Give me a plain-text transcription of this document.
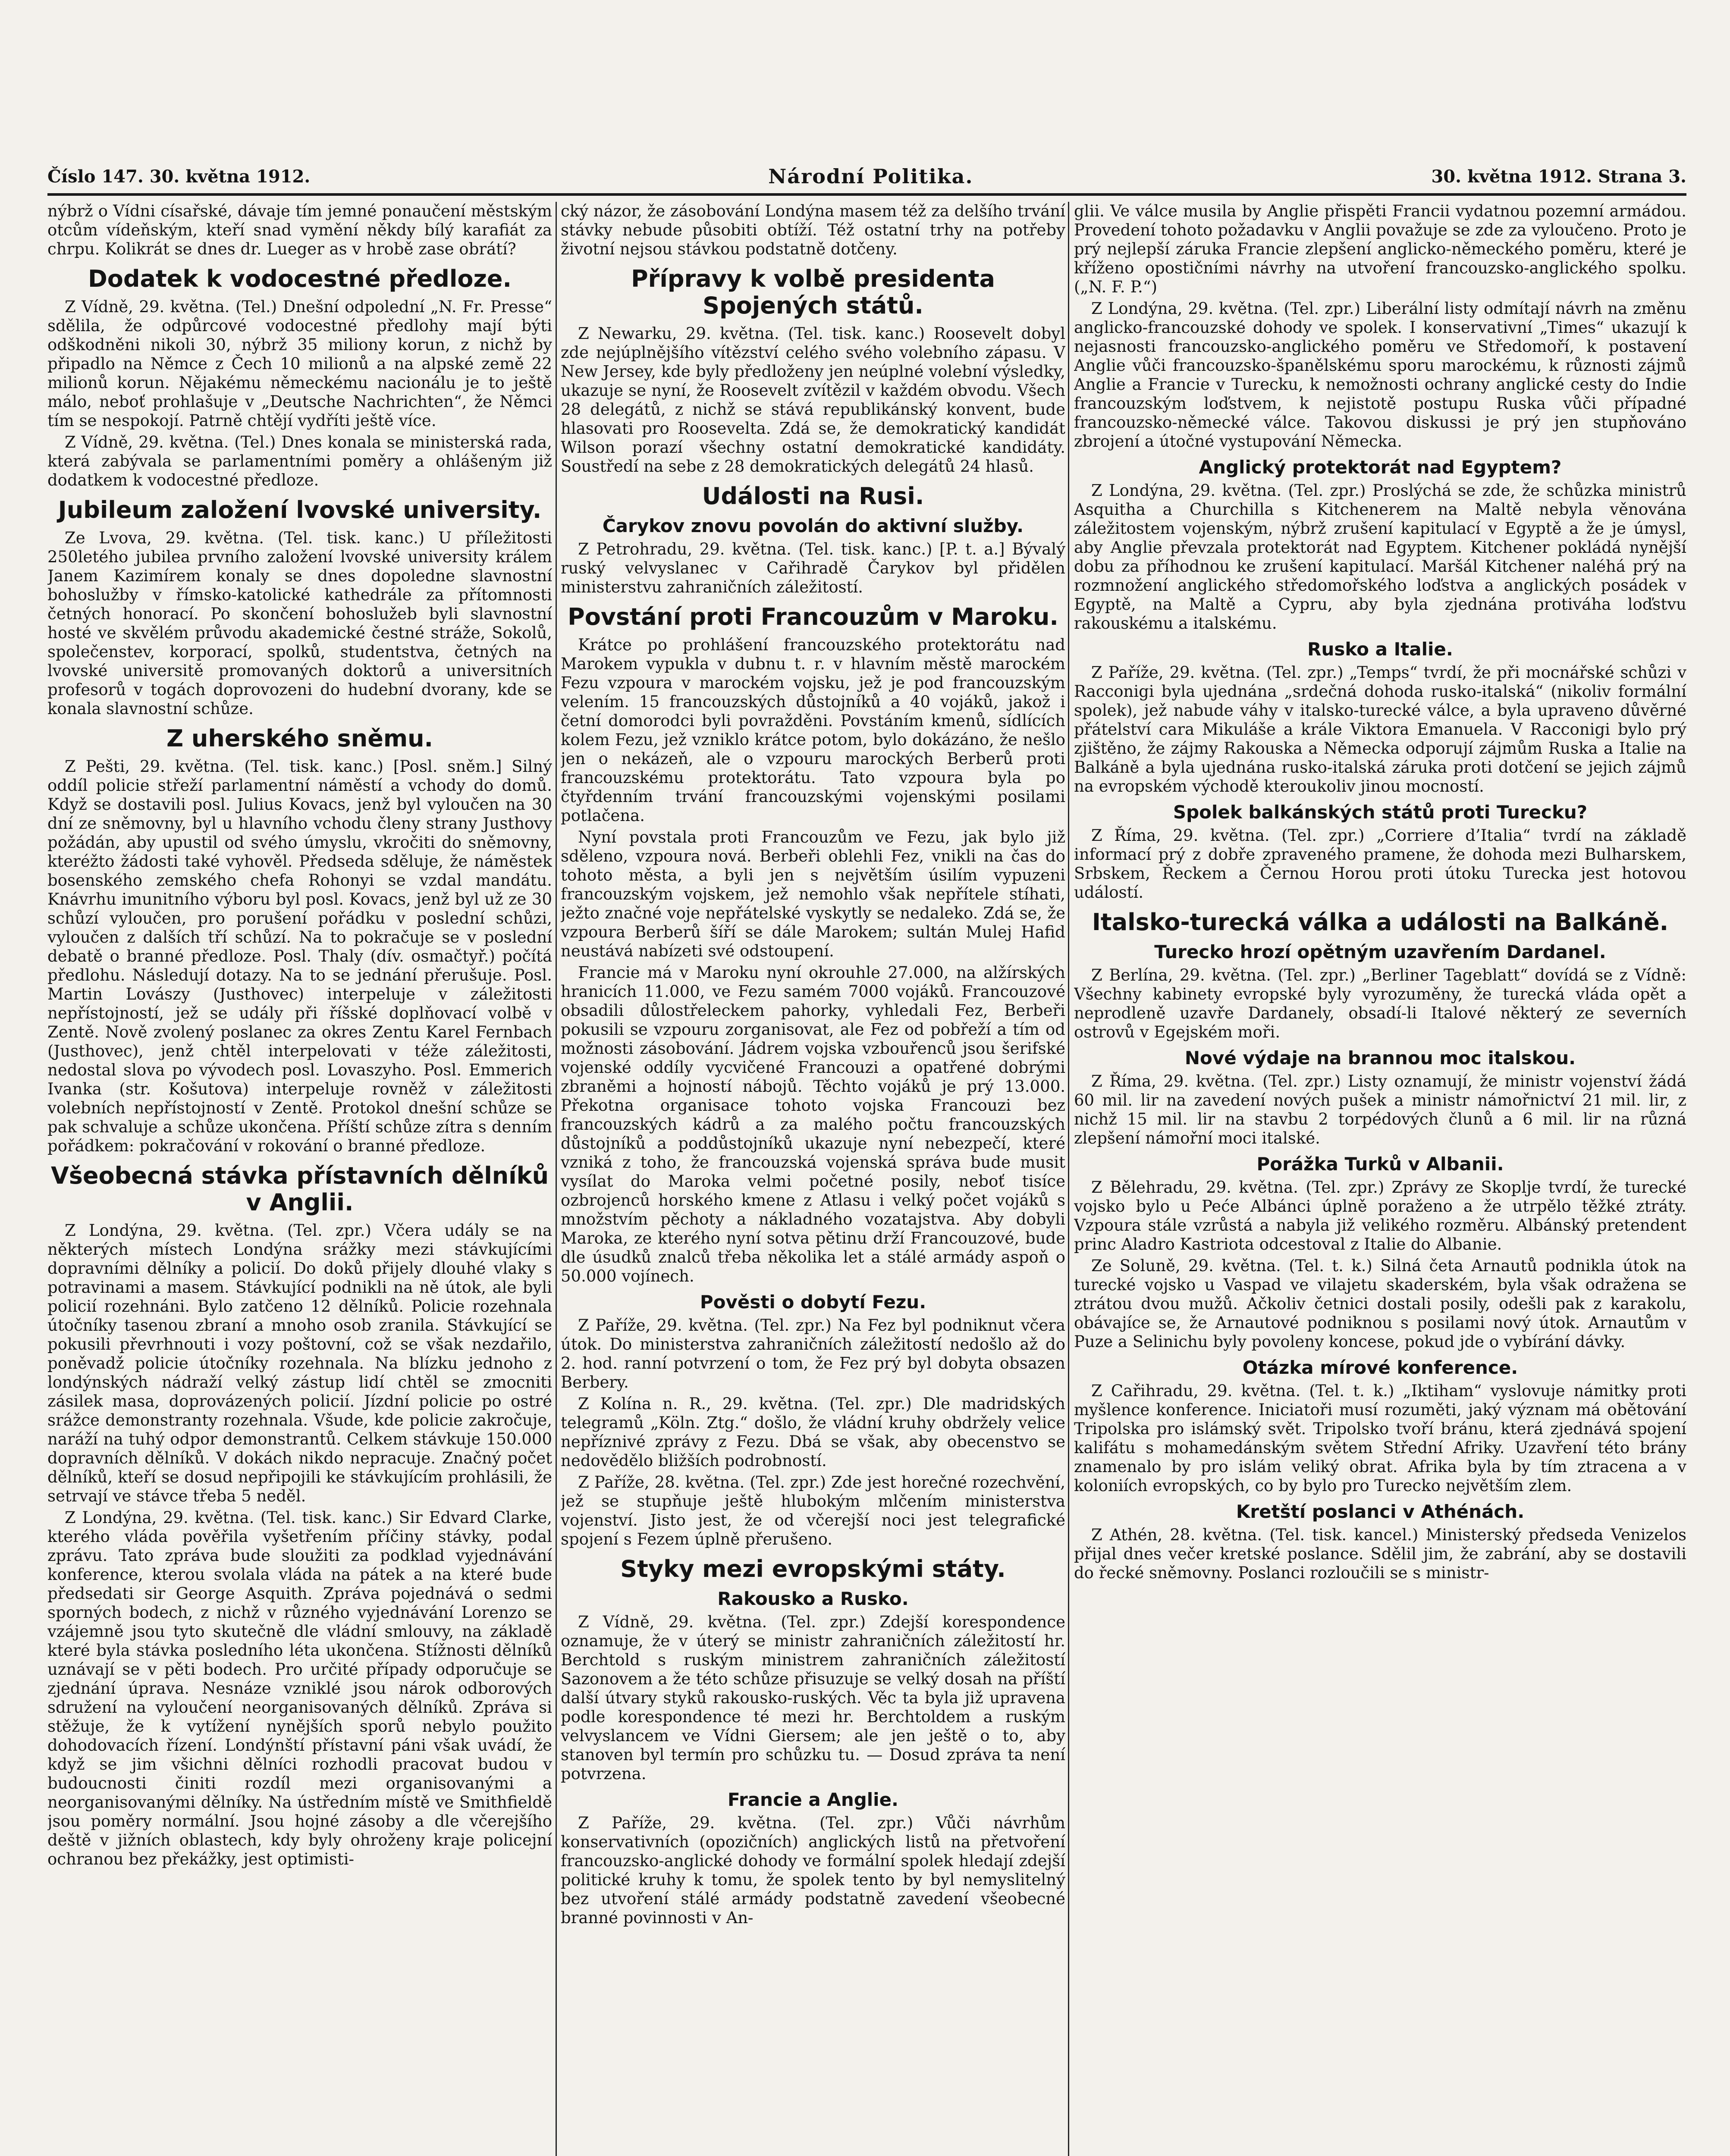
Číslo 147. 30. května 1912.	Národní Politika.	30. května 1912. Strana 3.

nýbrž o Vídni císařské, dávaje tím jemné ponaučení městským otcům vídeňským, kteří snad vymění někdy bílý karafiát za chrpu. Kolikrát se dnes dr. Lueger as v hrobě zase obrátí?

Dodatek k vodocestné předloze.

Z Vídně, 29. května. (Tel.) Dnešní odpolední „N. Fr. Presse“ sdělila, že odpůrcové vodocestné předlohy mají býti odškodněni nikoli 30, nýbrž 35 miliony korun, z nichž by připadlo na Němce z Čech 10 milionů a na alpské země 22 milionů korun. Nějakému německému nacionálu je to ještě málo, neboť prohlašuje v „Deutsche Nachrichten“, že Němci tím se nespokojí. Patrně chtějí vydříti ještě více.

Z Vídně, 29. května. (Tel.) Dnes konala se ministerská rada, která zabývala se parlamentními poměry a ohlášeným již dodatkem k vodocestné předloze.

Jubileum založení lvovské university.

Ze Lvova, 29. května. (Tel. tisk. kanc.) U příležitosti 250letého jubilea prvního založení lvovské university králem Janem Kazimírem konaly se dnes dopoledne slavnostní bohoslužby v římsko-katolické kathedrále za přítomnosti četných honorací. Po skončení bohoslužeb byli slavnostní hosté ve skvělém průvodu akademické čestné stráže, Sokolů, společenstev, korporací, spolků, studentstva, četných na lvovské universitě promovaných doktorů a universitních profesorů v togách doprovozeni do hudební dvorany, kde se konala slavnostní schůze.

Z uherského sněmu.

Z Pešti, 29. května. (Tel. tisk. kanc.) [Posl. sněm.] Silný oddíl policie střeží parlamentní náměstí a vchody do domů. Když se dostavili posl. Julius Kovacs, jenž byl vyloučen na 30 dní ze sněmovny, byl u hlavního vchodu členy strany Justhovy požádán, aby upustil od svého úmyslu, vkročiti do sněmovny, kteréžto žádosti také vyhověl. Předseda sděluje, že náměstek bosenského zemského chefa Rohonyi se vzdal mandátu. Knávrhu imunitního výboru byl posl. Kovacs, jenž byl už ze 30 schůzí vyloučen, pro porušení pořádku v poslední schůzi, vyloučen z dalších tří schůzí. Na to pokračuje se v poslední debatě o branné předloze. Posl. Thaly (dív. osmačtyř.) počítá předlohu. Následují dotazy. Na to se jednání přerušuje. Posl. Martin Lovászy (Justhovec) interpeluje v záležitosti nepřístojností, jež se udály při říšské doplňovací volbě v Zentě. Nově zvolený poslanec za okres Zentu Karel Fernbach (Justhovec), jenž chtěl interpelovati v téže záležitosti, nedostal slova po vývodech posl. Lovaszyho. Posl. Emmerich Ivanka (str. Košutova) interpeluje rovněž v záležitosti volebních nepřístojností v Zentě. Protokol dnešní schůze se pak schvaluje a schůze ukončena. Příští schůze zítra s denním pořádkem: pokračování v rokování o branné předloze.

Všeobecná stávka přístavních dělníků v Anglii.

Z Londýna, 29. května. (Tel. zpr.) Včera udály se na některých místech Londýna srážky mezi stávkujícími dopravními dělníky a policií. Do doků přijely dlouhé vlaky s potravinami a masem. Stávkující podnikli na ně útok, ale byli policií rozehnáni. Bylo zatčeno 12 dělníků. Policie rozehnala útočníky tasenou zbraní a mnoho osob zranila. Stávkující se pokusili převrhnouti i vozy poštovní, což se však nezdařilo, poněvadž policie útočníky rozehnala. Na blízku jednoho z londýnských nádraží velký zástup lidí chtěl se zmocniti zásilek masa, doprovázených policií. Jízdní policie po ostré srážce demonstranty rozehnala. Všude, kde policie zakročuje, naráží na tuhý odpor demonstrantů. Celkem stávkuje 150.000 dopravních dělníků. V dokách nikdo nepracuje. Značný počet dělníků, kteří se dosud nepřipojili ke stávkujícím prohlásili, že setrvají ve stávce třeba 5 neděl.

Z Londýna, 29. května. (Tel. tisk. kanc.) Sir Edvard Clarke, kterého vláda pověřila vyšetřením příčiny stávky, podal zprávu. Tato zpráva bude sloužiti za podklad vyjednávání konference, kterou svolala vláda na pátek a na které bude předsedati sir George Asquith. Zpráva pojednává o sedmi sporných bodech, z nichž v různého vyjednávání Lorenzo se vzájemně jsou tyto skutečně dle vládní smlouvy, na základě které byla stávka posledního léta ukončena. Stížnosti dělníků uznávají se v pěti bodech. Pro určité případy odporučuje se zjednání úprava. Nesnáze vzniklé jsou nárok odborových sdružení na vyloučení neorganisovaných dělníků. Zpráva si stěžuje, že k vytížení nynějších sporů nebylo použito dohodovacích řízení. Londýnští přístavní páni však uvádí, že když se jim všichni dělníci rozhodli pracovat budou v budoucnosti činiti rozdíl mezi organisovanými a neorganisovanými dělníky. Na ústředním místě ve Smithfieldě jsou poměry normální. Jsou hojné zásoby a dle včerejšího deště v jižních oblastech, kdy byly ohroženy kraje policejní ochranou bez překážky, jest optimisti-

cký názor, že zásobování Londýna masem též za delšího trvání stávky nebude působiti obtíží. Též ostatní trhy na potřeby životní nejsou stávkou podstatně dotčeny.

Přípravy k volbě presidenta Spojených států.

Z Newarku, 29. května. (Tel. tisk. kanc.) Roosevelt dobyl zde nejúplnějšího vítězství celého svého volebního zápasu. V New Jersey, kde byly předloženy jen neúplné volební výsledky, ukazuje se nyní, že Roosevelt zvítězil v každém obvodu. Všech 28 delegátů, z nichž se stává republikánský konvent, bude hlasovati pro Roosevelta. Zdá se, že demokratický kandidát Wilson porazí všechny ostatní demokratické kandidáty. Soustředí na sebe z 28 demokratických delegátů 24 hlasů.

Události na Rusi.
Čarykov znovu povolán do aktivní služby.

Z Petrohradu, 29. května. (Tel. tisk. kanc.) [P. t. a.] Bývalý ruský velvyslanec v Cařihradě Čarykov byl přidělen ministerstvu zahraničních záležitostí.

Povstání proti Francouzům v Maroku.

Krátce po prohlášení francouzského protektorátu nad Marokem vypukla v dubnu t. r. v hlavním městě marockém Fezu vzpoura v marockém vojsku, jež je pod francouzským velením. 15 francouzských důstojníků a 40 vojáků, jakož i četní domorodci byli povražděni. Povstáním kmenů, sídlících kolem Fezu, jež vzniklo krátce potom, bylo dokázáno, že nešlo jen o nekázeň, ale o vzpouru marockých Berberů proti francouzskému protektorátu. Tato vzpoura byla po čtyřdenním trvání francouzskými vojenskými posilami potlačena.

Nyní povstala proti Francouzům ve Fezu, jak bylo již sděleno, vzpoura nová. Berbeři oblehli Fez, vnikli na čas do tohoto města, a byli jen s největším úsilím vypuzeni francouzským vojskem, jež nemohlo však nepřítele stíhati, ježto značné voje nepřátelské vyskytly se nedaleko. Zdá se, že vzpoura Berberů šíří se dále Marokem; sultán Mulej Hafid neustává nabízeti své odstoupení.

Francie má v Maroku nyní okrouhle 27.000, na alžírských hranicích 11.000, ve Fezu samém 7000 vojáků. Francouzové obsadili důlostřeleckem pahorky, vyhledali Fez, Berbeři pokusili se vzpouru zorganisovat, ale Fez od pobřeží a tím od možnosti zásobování. Jádrem vojska vzbouřenců jsou šerifské vojenské oddíly vycvičené Francouzi a opatřené dobrými zbraněmi a hojností nábojů. Těchto vojáků je prý 13.000. Překotna organisace tohoto vojska Francouzi bez francouzských kádrů a za malého počtu francouzských důstojníků a poddůstojníků ukazuje nyní nebezpečí, které vzniká z toho, že francouzská vojenská správa bude musit vysílat do Maroka velmi početné posily, neboť tisíce ozbrojenců horského kmene z Atlasu i velký počet vojáků s množstvím pěchoty a nákladného vozatajstva. Aby dobyli Maroka, ze kterého nyní sotva pětinu drží Francouzové, bude dle úsudků znalců třeba několika let a stálé armády aspoň o 50.000 vojínech.

Pověsti o dobytí Fezu.

Z Paříže, 29. května. (Tel. zpr.) Na Fez byl podniknut včera útok. Do ministerstva zahraničních záležitostí nedošlo až do 2. hod. ranní potvrzení o tom, že Fez prý byl dobyta obsazen Berbery.

Z Kolína n. R., 29. května. (Tel. zpr.) Dle madridských telegramů „Köln. Ztg.“ došlo, že vládní kruhy obdržely velice nepříznivé zprávy z Fezu. Dbá se však, aby obecenstvo se nedovědělo bližších podrobností.

Z Paříže, 28. května. (Tel. zpr.) Zde jest horečné rozechvění, jež se stupňuje ještě hlubokým mlčením ministerstva vojenství. Jisto jest, že od včerejší noci jest telegrafické spojení s Fezem úplně přerušeno.

Styky mezi evropskými státy.
Rakousko a Rusko.

Z Vídně, 29. května. (Tel. zpr.) Zdejší korespondence oznamuje, že v úterý se ministr zahraničních záležitostí hr. Berchtold s ruským ministrem zahraničních záležitostí Sazonovem a že této schůze přisuzuje se velký dosah na příští další útvary styků rakousko-ruských. Věc ta byla již upravena podle korespondence té mezi hr. Berchtoldem a ruským velvyslancem ve Vídni Giersem; ale jen ještě o to, aby stanoven byl termín pro schůzku tu. — Dosud zpráva ta není potvrzena.

Francie a Anglie.

Z Paříže, 29. května. (Tel. zpr.) Vůči návrhům konservativních (opozičních) anglických listů na přetvoření francouzsko-anglické dohody ve formální spolek hledají zdejší politické kruhy k tomu, že spolek tento by byl nemyslitelný bez utvoření stálé armády podstatně zavedení všeobecné branné povinnosti v An-

glii. Ve válce musila by Anglie přispěti Francii vydatnou pozemní armádou. Provedení tohoto požadavku v Anglii považuje se zde za vyloučeno. Proto je prý nejlepší záruka Francie zlepšení anglicko-německého poměru, které je kříženo opostičními návrhy na utvoření francouzsko-anglického spolku. („N. F. P.“)

Z Londýna, 29. května. (Tel. zpr.) Liberální listy odmítají návrh na změnu anglicko-francouzské dohody ve spolek. I konservativní „Times“ ukazují k nejasnosti francouzsko-anglického poměru ve Středomoří, k postavení Anglie vůči francouzsko-španělskému sporu marockému, k různosti zájmů Anglie a Francie v Turecku, k nemožnosti ochrany anglické cesty do Indie francouzským loďstvem, k nejistotě postupu Ruska vůči případné francouzsko-německé válce. Takovou diskussi je prý jen stupňováno zbrojení a útočné vystupování Německa.

Anglický protektorát nad Egyptem?

Z Londýna, 29. května. (Tel. zpr.) Proslýchá se zde, že schůzka ministrů Asquitha a Churchilla s Kitchenerem na Maltě nebyla věnována záležitostem vojenským, nýbrž zrušení kapitulací v Egyptě a že je úmysl, aby Anglie převzala protektorát nad Egyptem. Kitchener pokládá nynější dobu za příhodnou ke zrušení kapitulací. Maršál Kitchener naléhá prý na rozmnožení anglického středomořského loďstva a anglických posádek v Egyptě, na Maltě a Cypru, aby byla zjednána protiváha loďstvu rakouskému a italskému.

Rusko a Italie.

Z Paříže, 29. května. (Tel. zpr.) „Temps“ tvrdí, že při mocnářské schůzi v Racconigi byla ujednána „srdečná dohoda rusko-italská“ (nikoliv formální spolek), jež nabude váhy v italsko-turecké válce, a byla upraveno důvěrné přátelství cara Mikuláše a krále Viktora Emanuela. V Racconigi bylo prý zjištěno, že zájmy Rakouska a Německa odporují zájmům Ruska a Italie na Balkáně a byla ujednána rusko-italská záruka proti dotčení se jejich zájmů na evropském východě kteroukoliv jinou mocností.

Spolek balkánských států proti Turecku?

Z Říma, 29. května. (Tel. zpr.) „Corriere d’Italia“ tvrdí na základě informací prý z dobře zpraveného pramene, že dohoda mezi Bulharskem, Srbskem, Řeckem a Černou Horou proti útoku Turecka jest hotovou událostí.

Italsko-turecká válka a události na Balkáně.
Turecko hrozí opětným uzavřením Dardanel.

Z Berlína, 29. května. (Tel. zpr.) „Berliner Tageblatt“ dovídá se z Vídně: Všechny kabinety evropské byly vyrozuměny, že turecká vláda opět a neprodleně uzavře Dardanely, obsadí-li Italové některý ze severních ostrovů v Egejském moři.

Nové výdaje na brannou moc italskou.

Z Říma, 29. května. (Tel. zpr.) Listy oznamují, že ministr vojenství žádá 60 mil. lir na zavedení nových pušek a ministr námořnictví 21 mil. lir, z nichž 15 mil. lir na stavbu 2 torpédových člunů a 6 mil. lir na různá zlepšení námořní moci italské.

Porážka Turků v Albanii.

Z Bělehradu, 29. května. (Tel. zpr.) Zprávy ze Skoplje tvrdí, že turecké vojsko bylo u Peće Albánci úplně poraženo a že utrpělo těžké ztráty. Vzpoura stále vzrůstá a nabyla již velikého rozměru. Albánský pretendent princ Aladro Kastriota odcestoval z Italie do Albanie.

Ze Soluně, 29. května. (Tel. t. k.) Silná četa Arnautů podnikla útok na turecké vojsko u Vaspad ve vilajetu skaderském, byla však odražena se ztrátou dvou mužů. Ačkoliv četnici dostali posily, odešli pak z karakolu, obávajíce se, že Arnautové podniknou s posilami nový útok. Arnautům v Puze a Selinichu byly povoleny koncese, pokud jde o vybírání dávky.

Otázka mírové konference.

Z Cařihradu, 29. května. (Tel. t. k.) „Iktiham“ vyslovuje námitky proti myšlence konference. Iniciatoři musí rozuměti, jaký význam má obětování Tripolska pro islámský svět. Tripolsko tvoří bránu, která zjednává spojení kalifátu s mohamedánským světem Střední Afriky. Uzavření této brány znamenalo by pro islám veliký obrat. Afrika byla by tím ztracena a v koloniích evropských, co by bylo pro Turecko největším zlem.

Kretští poslanci v Athénách.

Z Athén, 28. května. (Tel. tisk. kancel.) Ministerský předseda Venizelos přijal dnes večer kretské poslance. Sdělil jim, že zabrání, aby se dostavili do řecké sněmovny. Poslanci rozloučili se s ministr-
